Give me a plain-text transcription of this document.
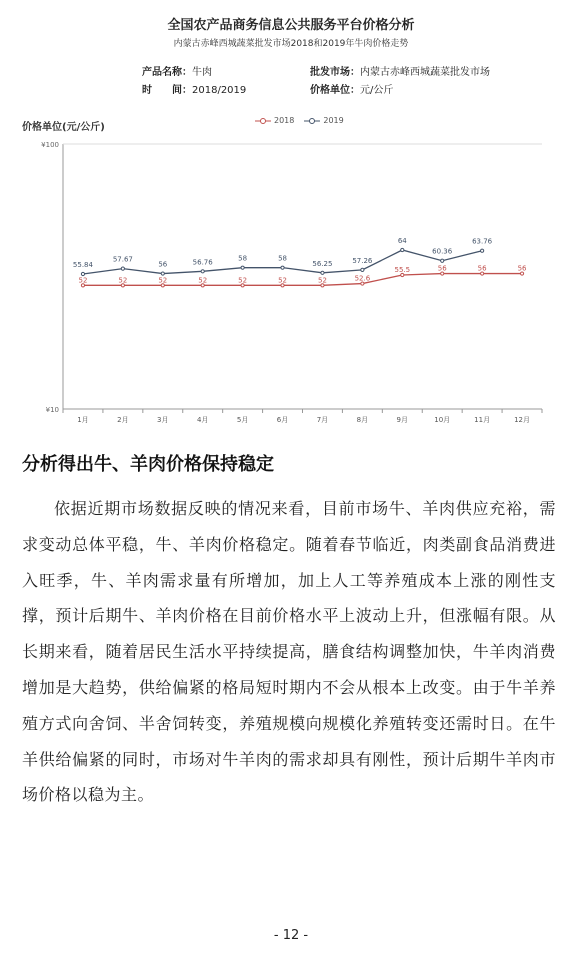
全国农产品商务信息公共服务平台价格分析
内蒙古赤峰西城蔬菜批发市场2018和2019年牛肉价格走势
产品名称：牛肉	批发市场：内蒙古赤峰西城蔬菜批发市场
时　　间：2018/2019	价格单位：元/公斤
价格单位(元/公斤)
2018	2019
¥100
¥10
1月	2月	3月	4月	5月	6月	7月	8月	9月	10月	11月	12月
52	52	52	52	52	52	52	52.6
55.5	56	56	56
55.84
57.67
56	56.76	58	58
56.25	57.26
64
60.36
63.76
分析得出牛、羊肉价格保持稳定
依据近期市场数据反映的情况来看，目前市场牛、羊肉供应充裕，需求变动总体平稳，牛、羊肉价格稳定。随着春节临近，肉类副食品消费进入旺季，牛、羊肉需求量有所增加，加上人工等养殖成本上涨的刚性支撑，预计后期牛、羊肉价格在目前价格水平上波动上升，但涨幅有限。从长期来看，随着居民生活水平持续提高，膳食结构调整加快，牛羊肉消费增加是大趋势，供给偏紧的格局短时期内不会从根本上改变。由于牛羊养殖方式向舍饲、半舍饲转变，养殖规模向规模化养殖转变还需时日。在牛羊供给偏紧的同时，市场对牛羊肉的需求却具有刚性，预计后期牛羊肉市场价格以稳为主。
- 12 -
